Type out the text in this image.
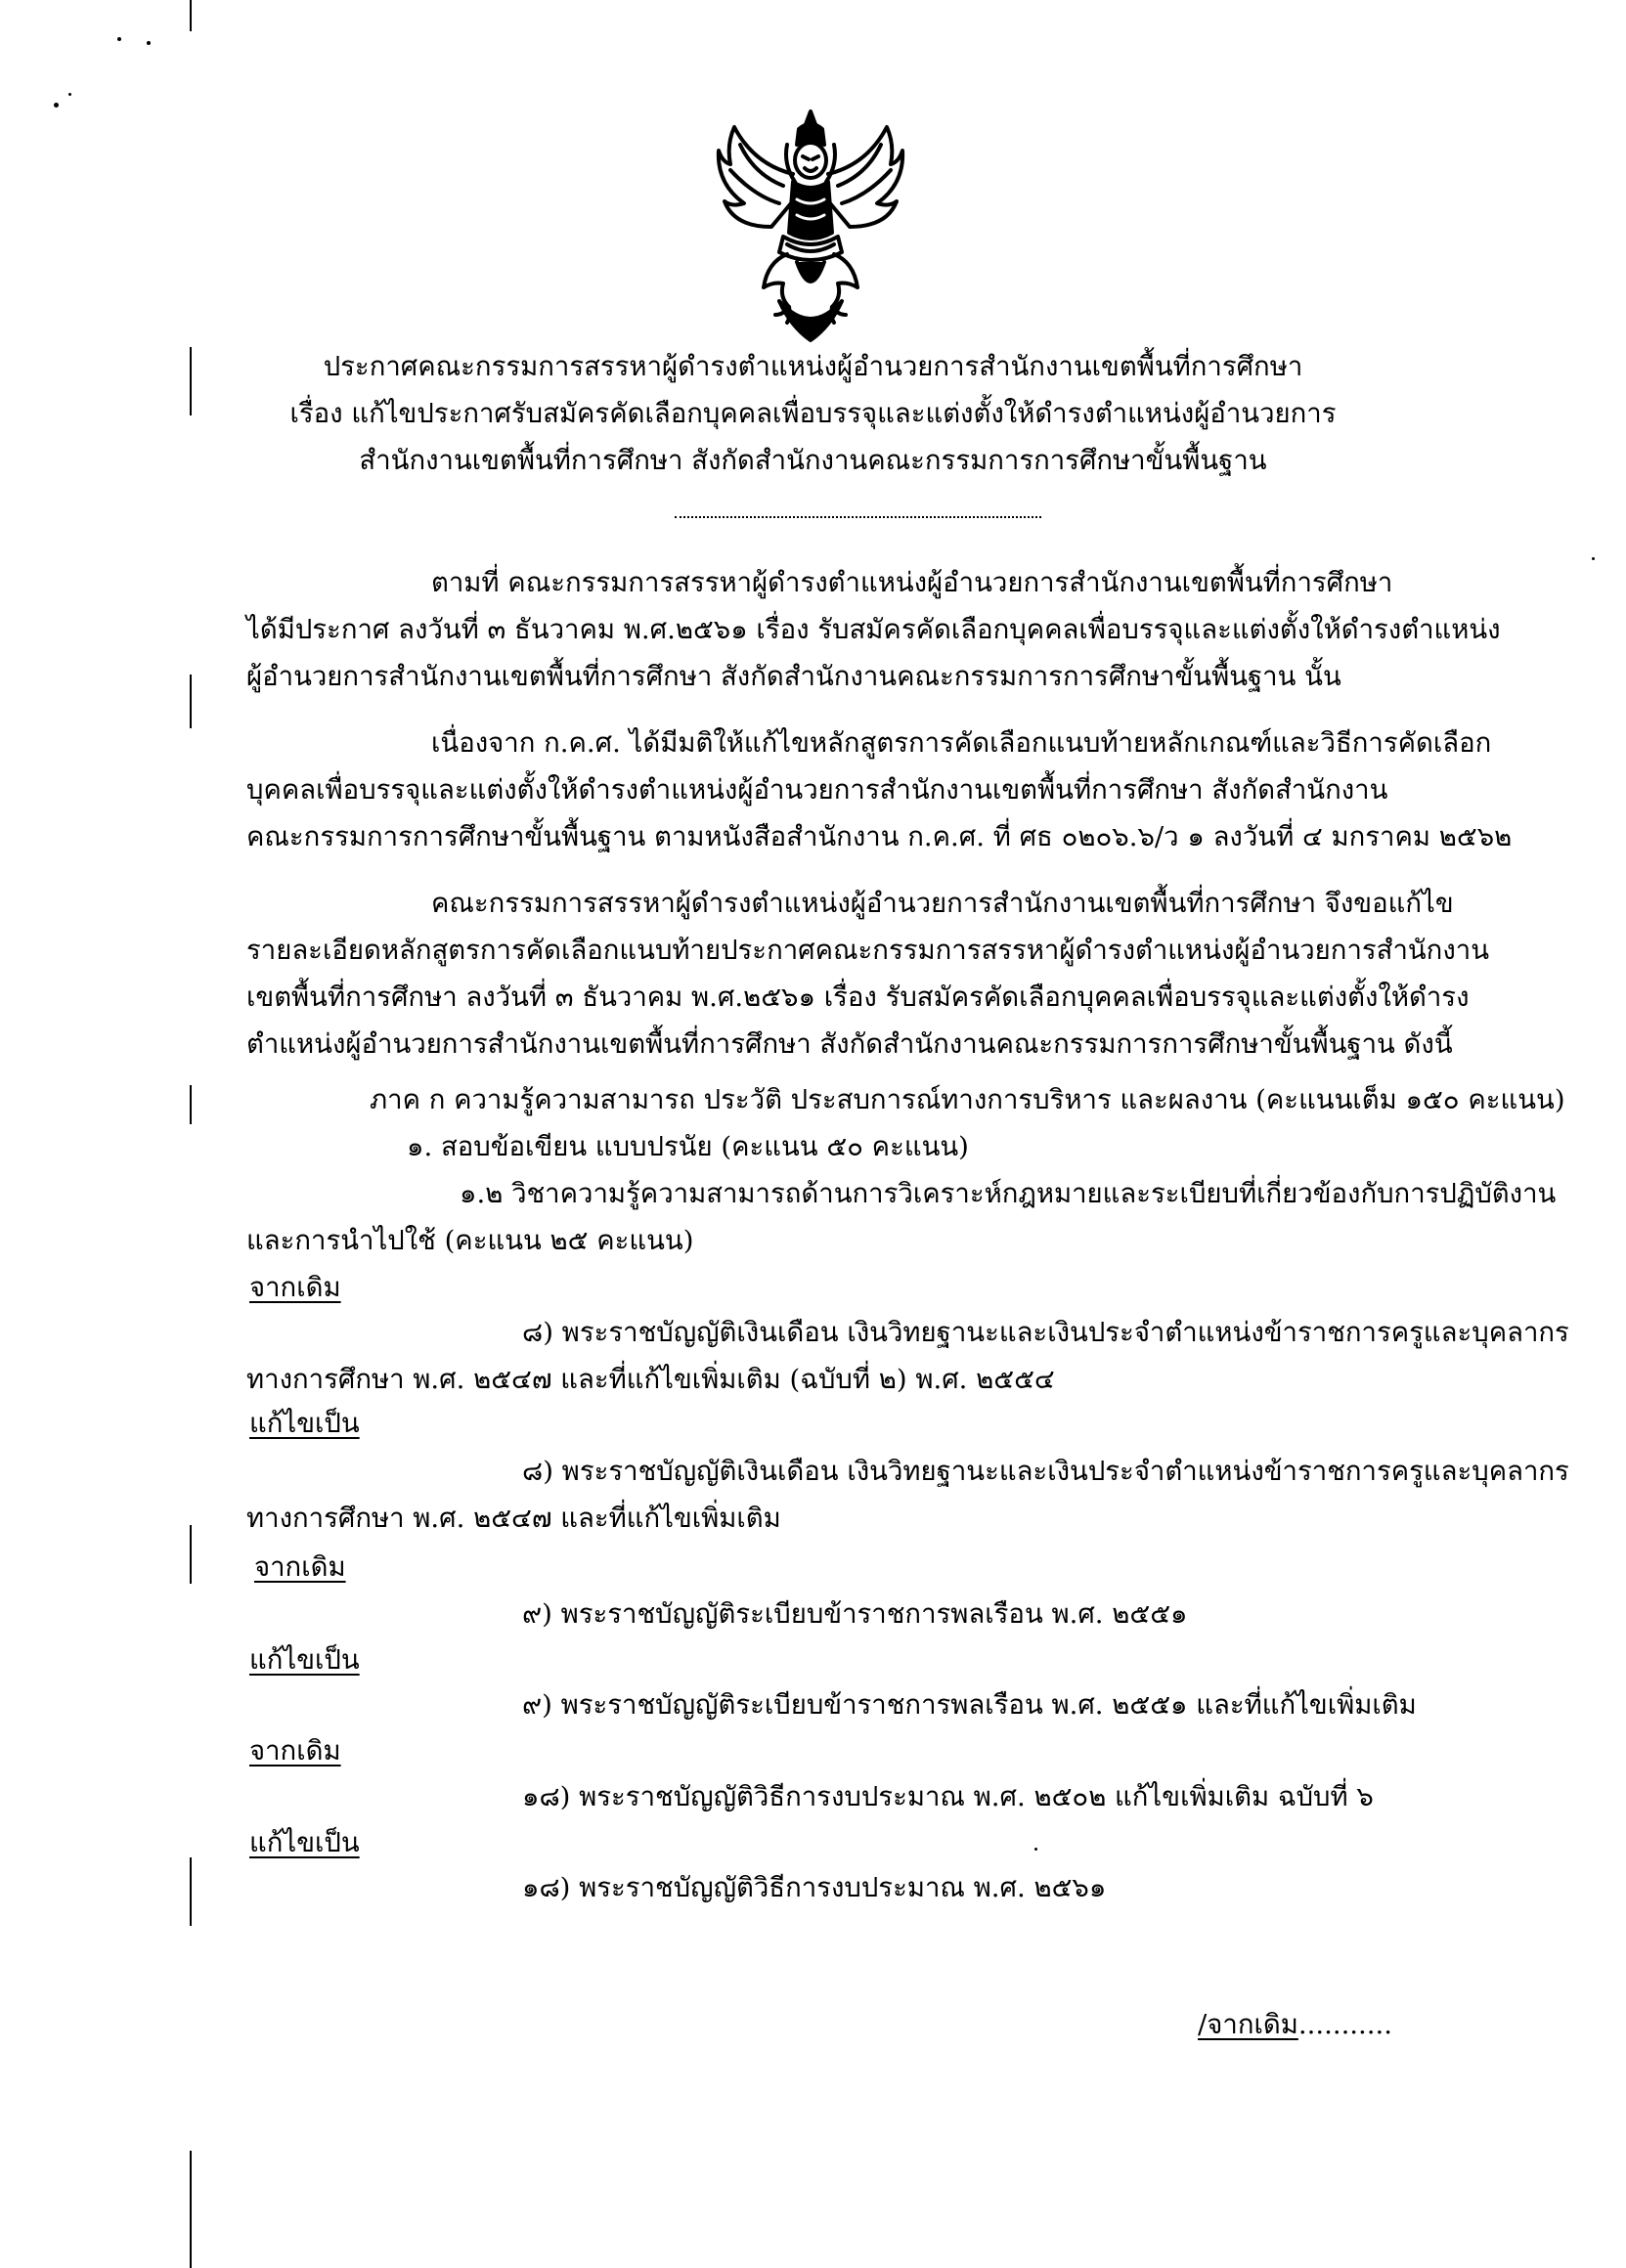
ประกาศคณะกรรมการสรรหาผู้ดำรงตำแหน่งผู้อำนวยการสำนักงานเขตพื้นที่การศึกษา
เรื่อง แก้ไขประกาศรับสมัครคัดเลือกบุคคลเพื่อบรรจุและแต่งตั้งให้ดำรงตำแหน่งผู้อำนวยการ
สำนักงานเขตพื้นที่การศึกษา สังกัดสำนักงานคณะกรรมการการศึกษาขั้นพื้นฐาน
ตามที่ คณะกรรมการสรรหาผู้ดำรงตำแหน่งผู้อำนวยการสำนักงานเขตพื้นที่การศึกษา
ได้มีประกาศ ลงวันที่ ๓ ธันวาคม พ.ศ.๒๕๖๑ เรื่อง รับสมัครคัดเลือกบุคคลเพื่อบรรจุและแต่งตั้งให้ดำรงตำแหน่ง
ผู้อำนวยการสำนักงานเขตพื้นที่การศึกษา สังกัดสำนักงานคณะกรรมการการศึกษาขั้นพื้นฐาน นั้น
เนื่องจาก ก.ค.ศ. ได้มีมติให้แก้ไขหลักสูตรการคัดเลือกแนบท้ายหลักเกณฑ์และวิธีการคัดเลือก
บุคคลเพื่อบรรจุและแต่งตั้งให้ดำรงตำแหน่งผู้อำนวยการสำนักงานเขตพื้นที่การศึกษา สังกัดสำนักงาน
คณะกรรมการการศึกษาขั้นพื้นฐาน ตามหนังสือสำนักงาน ก.ค.ศ. ที่ ศธ ๐๒๐๖.๖/ว ๑ ลงวันที่ ๔ มกราคม ๒๕๖๒
คณะกรรมการสรรหาผู้ดำรงตำแหน่งผู้อำนวยการสำนักงานเขตพื้นที่การศึกษา จึงขอแก้ไข
รายละเอียดหลักสูตรการคัดเลือกแนบท้ายประกาศคณะกรรมการสรรหาผู้ดำรงตำแหน่งผู้อำนวยการสำนักงาน
เขตพื้นที่การศึกษา ลงวันที่ ๓ ธันวาคม พ.ศ.๒๕๖๑ เรื่อง รับสมัครคัดเลือกบุคคลเพื่อบรรจุและแต่งตั้งให้ดำรง
ตำแหน่งผู้อำนวยการสำนักงานเขตพื้นที่การศึกษา สังกัดสำนักงานคณะกรรมการการศึกษาขั้นพื้นฐาน ดังนี้
ภาค ก ความรู้ความสามารถ ประวัติ ประสบการณ์ทางการบริหาร และผลงาน (คะแนนเต็ม ๑๕๐ คะแนน)
๑. สอบข้อเขียน แบบปรนัย (คะแนน ๕๐ คะแนน)
๑.๒ วิชาความรู้ความสามารถด้านการวิเคราะห์กฎหมายและระเบียบที่เกี่ยวข้องกับการปฏิบัติงาน
และการนำไปใช้ (คะแนน ๒๕ คะแนน)
จากเดิม
๘) พระราชบัญญัติเงินเดือน เงินวิทยฐานะและเงินประจำตำแหน่งข้าราชการครูและบุคลากร
ทางการศึกษา พ.ศ. ๒๕๔๗ และที่แก้ไขเพิ่มเติม (ฉบับที่ ๒) พ.ศ. ๒๕๕๔
แก้ไขเป็น
๘) พระราชบัญญัติเงินเดือน เงินวิทยฐานะและเงินประจำตำแหน่งข้าราชการครูและบุคลากร
ทางการศึกษา พ.ศ. ๒๕๔๗ และที่แก้ไขเพิ่มเติม
จากเดิม
๙) พระราชบัญญัติระเบียบข้าราชการพลเรือน พ.ศ. ๒๕๕๑
แก้ไขเป็น
๙) พระราชบัญญัติระเบียบข้าราชการพลเรือน พ.ศ. ๒๕๕๑ และที่แก้ไขเพิ่มเติม
จากเดิม
๑๘) พระราชบัญญัติวิธีการงบประมาณ พ.ศ. ๒๕๐๒ แก้ไขเพิ่มเติม ฉบับที่ ๖
แก้ไขเป็น
๑๘) พระราชบัญญัติวิธีการงบประมาณ พ.ศ. ๒๕๖๑
/จากเดิม...........
